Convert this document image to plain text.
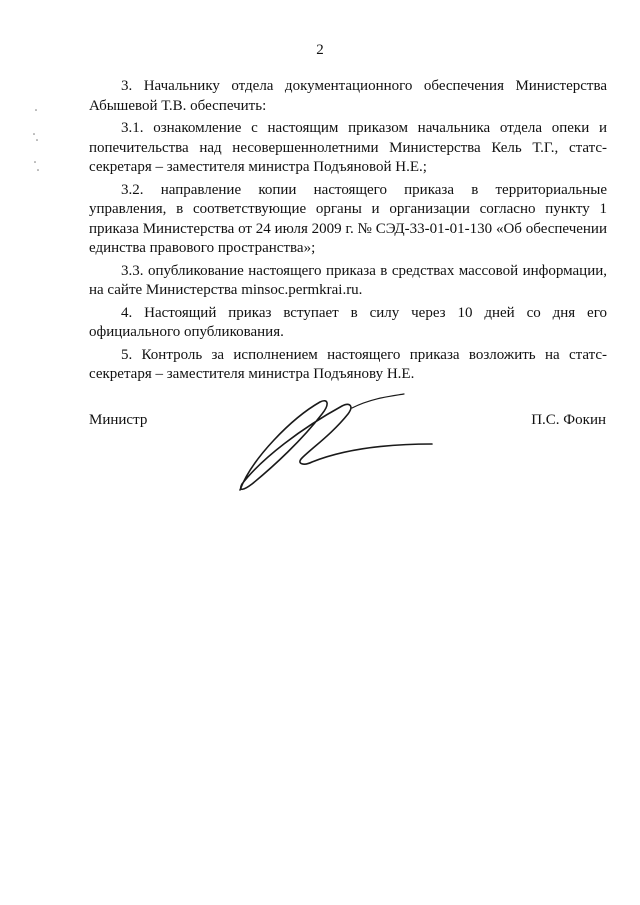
2

3. Начальнику отдела документационного обеспечения Министерства Абышевой Т.В. обеспечить:

3.1. ознакомление с настоящим приказом начальника отдела опеки и попечительства над несовершеннолетними Министерства Кель Т.Г., статс-секретаря – заместителя министра Подъяновой Н.Е.;

3.2. направление копии настоящего приказа в территориальные управления, в соответствующие органы и организации согласно пункту 1 приказа Министерства от 24 июля 2009 г. № СЭД-33-01-01-130 «Об обеспечении единства правового пространства»;

3.3. опубликование настоящего приказа в средствах массовой информации, на сайте Министерства minsoc.permkrai.ru.

4. Настоящий приказ вступает в силу через 10 дней со дня его официального опубликования.

5. Контроль за исполнением настоящего приказа возложить на статс-секретаря – заместителя министра Подъянову Н.Е.

Министр	П.С. Фокин
